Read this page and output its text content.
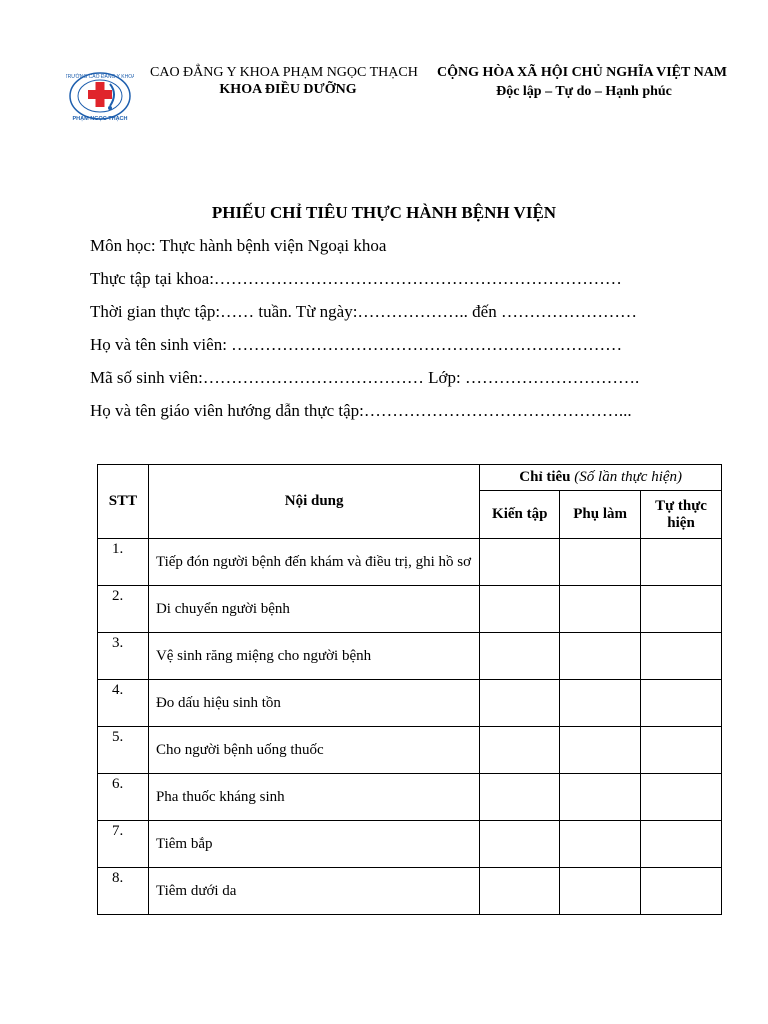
TRƯỜNG CAO ĐẲNG Y KHOA
PHẠM NGỌC THẠCH
CAO ĐẲNG Y KHOA PHẠM NGỌC THẠCH
KHOA ĐIỀU DƯỠNG
  ❣
CỘNG HÒA XÃ HỘI CHỦ NGHĨA VIỆT NAM
Độc lập – Tự do – Hạnh phúc
PHIẾU CHỈ TIÊU THỰC HÀNH BỆNH VIỆN
Môn học: Thực hành bệnh viện Ngoại khoa
Thực tập tại khoa:………………………………………………………………
Thời gian thực tập:…… tuần. Từ ngày:……………….. đến ……………………
Họ và tên sinh viên: ……………………………………………………………
Mã số sinh viên:………………………………… Lớp: ………………………….
Họ và tên giáo viên hướng dẫn thực tập:………………………………………...
STT	Nội dung	Chỉ tiêu (Số lần thực hiện)		
		Kiến tập	Phụ làm	Tự thực
hiện
1.	Tiếp đón người bệnh đến khám và điều trị, ghi hồ sơ			
2.	Di chuyển người bệnh			
3.	Vệ sinh răng miệng cho người bệnh			
4.	Đo dấu hiệu sinh tồn			
5.	Cho người bệnh uống thuốc			
6.	Pha thuốc kháng sinh			
7.	Tiêm bắp			
8.	Tiêm dưới da			
